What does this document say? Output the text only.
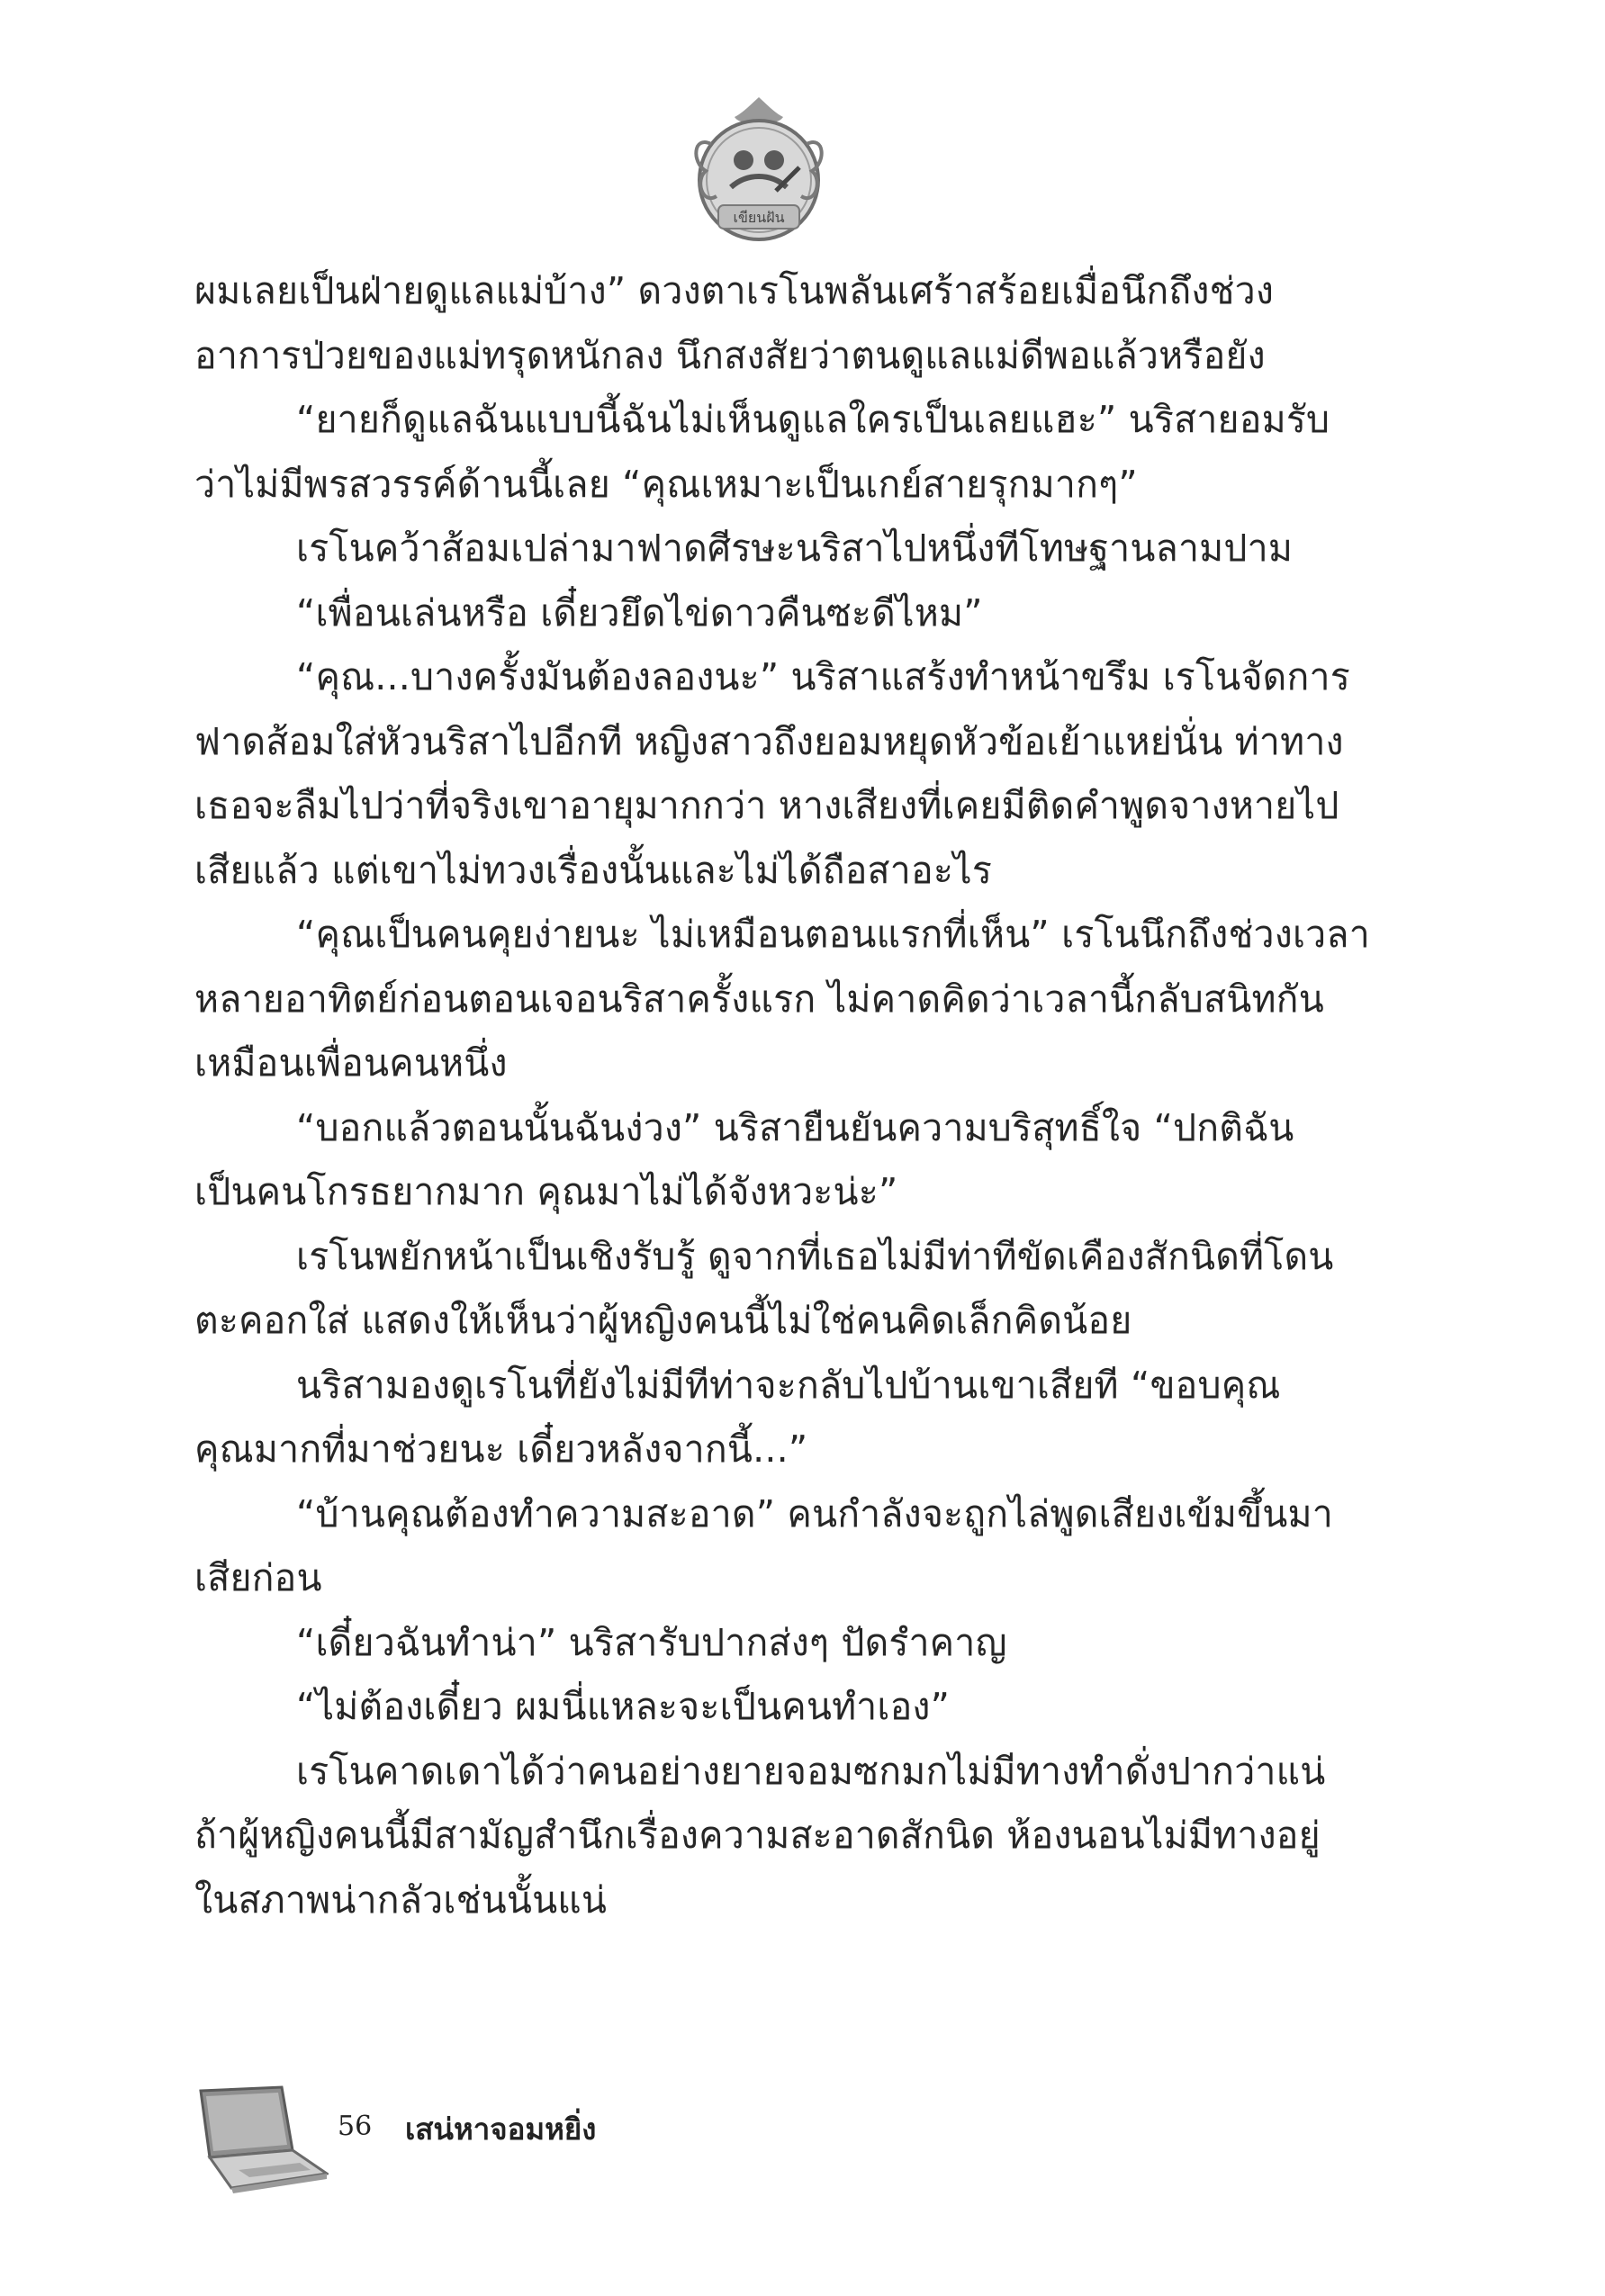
เขียนฝัน

ผมเลยเป็นฝ่ายดูแลแม่บ้าง” ดวงตาเรโนพลันเศร้าสร้อยเมื่อนึกถึงช่วง
อาการป่วยของแม่ทรุดหนักลง นึกสงสัยว่าตนดูแลแม่ดีพอแล้วหรือยัง

“ยายก็ดูแลฉันแบบนี้ฉันไม่เห็นดูแลใครเป็นเลยแฮะ” นริสายอมรับ
ว่าไม่มีพรสวรรค์ด้านนี้เลย “คุณเหมาะเป็นเกย์สายรุกมากๆ”

เรโนคว้าส้อมเปล่ามาฟาดศีรษะนริสาไปหนึ่งทีโทษฐานลามปาม

“เพื่อนเล่นหรือ เดี๋ยวยึดไข่ดาวคืนซะดีไหม”

“คุณ...บางครั้งมันต้องลองนะ” นริสาแสร้งทำหน้าขรึม เรโนจัดการ
ฟาดส้อมใส่หัวนริสาไปอีกที หญิงสาวถึงยอมหยุดหัวข้อเย้าแหย่นั่น ท่าทาง
เธอจะลืมไปว่าที่จริงเขาอายุมากกว่า หางเสียงที่เคยมีติดคำพูดจางหายไป
เสียแล้ว แต่เขาไม่ทวงเรื่องนั้นและไม่ได้ถือสาอะไร

“คุณเป็นคนคุยง่ายนะ ไม่เหมือนตอนแรกที่เห็น” เรโนนึกถึงช่วงเวลา
หลายอาทิตย์ก่อนตอนเจอนริสาครั้งแรก ไม่คาดคิดว่าเวลานี้กลับสนิทกัน
เหมือนเพื่อนคนหนึ่ง

“บอกแล้วตอนนั้นฉันง่วง” นริสายืนยันความบริสุทธิ์ใจ “ปกติฉัน
เป็นคนโกรธยากมาก คุณมาไม่ได้จังหวะน่ะ”

เรโนพยักหน้าเป็นเชิงรับรู้ ดูจากที่เธอไม่มีท่าทีขัดเคืองสักนิดที่โดน
ตะคอกใส่ แสดงให้เห็นว่าผู้หญิงคนนี้ไม่ใช่คนคิดเล็กคิดน้อย

นริสามองดูเรโนที่ยังไม่มีทีท่าจะกลับไปบ้านเขาเสียที “ขอบคุณ
คุณมากที่มาช่วยนะ เดี๋ยวหลังจากนี้...”

“บ้านคุณต้องทำความสะอาด” คนกำลังจะถูกไล่พูดเสียงเข้มขึ้นมา
เสียก่อน

“เดี๋ยวฉันทำน่า” นริสารับปากส่งๆ ปัดรำคาญ

“ไม่ต้องเดี๋ยว ผมนี่แหละจะเป็นคนทำเอง”

เรโนคาดเดาได้ว่าคนอย่างยายจอมซกมกไม่มีทางทำดั่งปากว่าแน่
ถ้าผู้หญิงคนนี้มีสามัญสำนึกเรื่องความสะอาดสักนิด ห้องนอนไม่มีทางอยู่
ในสภาพน่ากลัวเช่นนั้นแน่

56 เสน่หาจอมหยิ่ง
